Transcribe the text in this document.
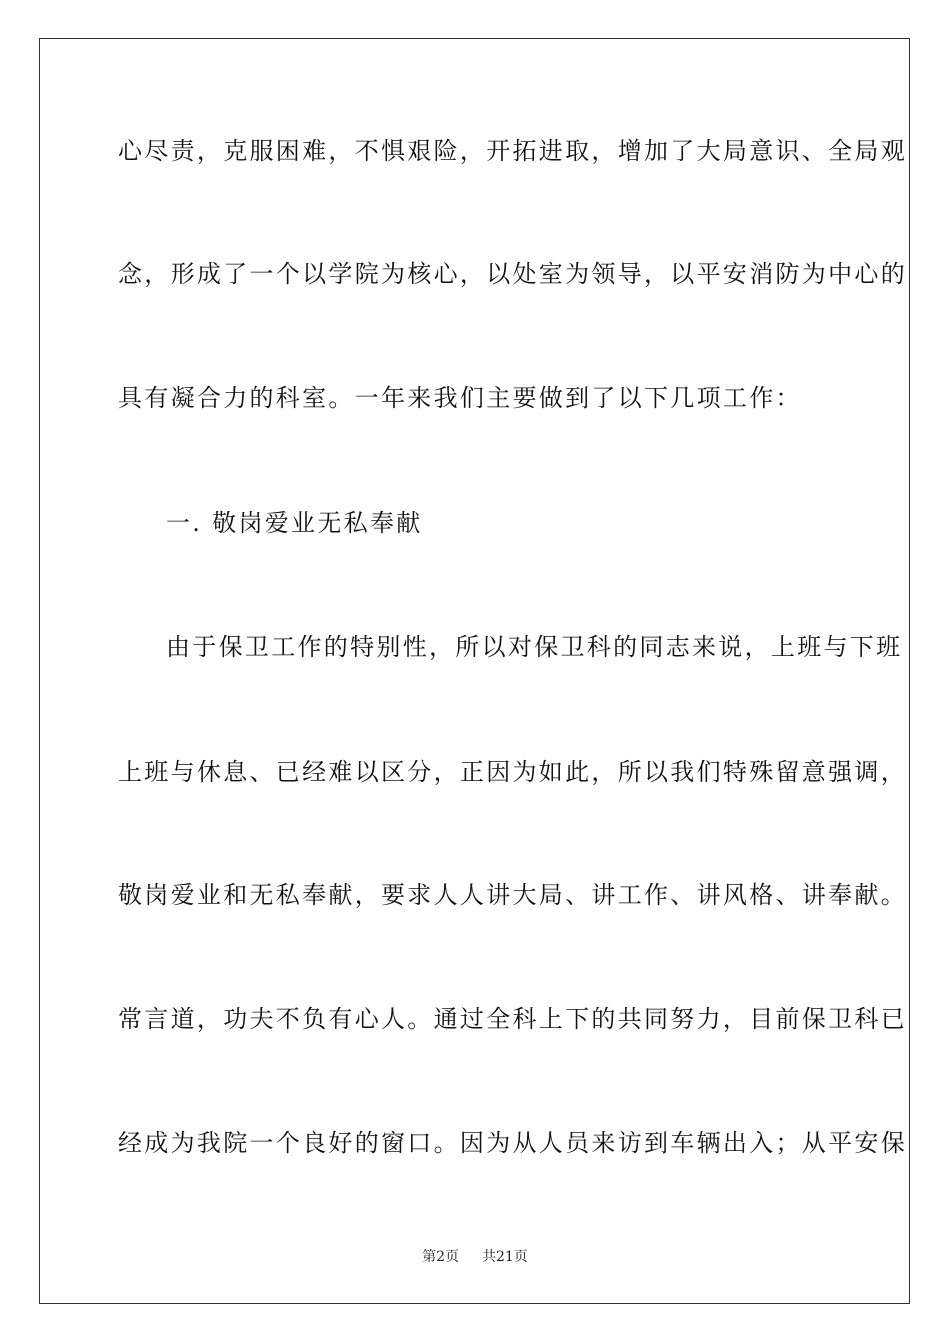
心尽责，克服困难，不惧艰险，开拓进取，增加了大局意识、全局观
念，形成了一个以学院为核心，以处室为领导，以平安消防为中心的
具有凝合力的科室。一年来我们主要做到了以下几项工作：
一. 敬岗爱业无私奉献
由于保卫工作的特别性，所以对保卫科的同志来说，上班与下班
上班与休息、已经难以区分，正因为如此，所以我们特殊留意强调，
敬岗爱业和无私奉献，要求人人讲大局、讲工作、讲风格、讲奉献。
常言道，功夫不负有心人。通过全科上下的共同努力，目前保卫科已
经成为我院一个良好的窗口。因为从人员来访到车辆出入；从平安保
第2页 共21页
